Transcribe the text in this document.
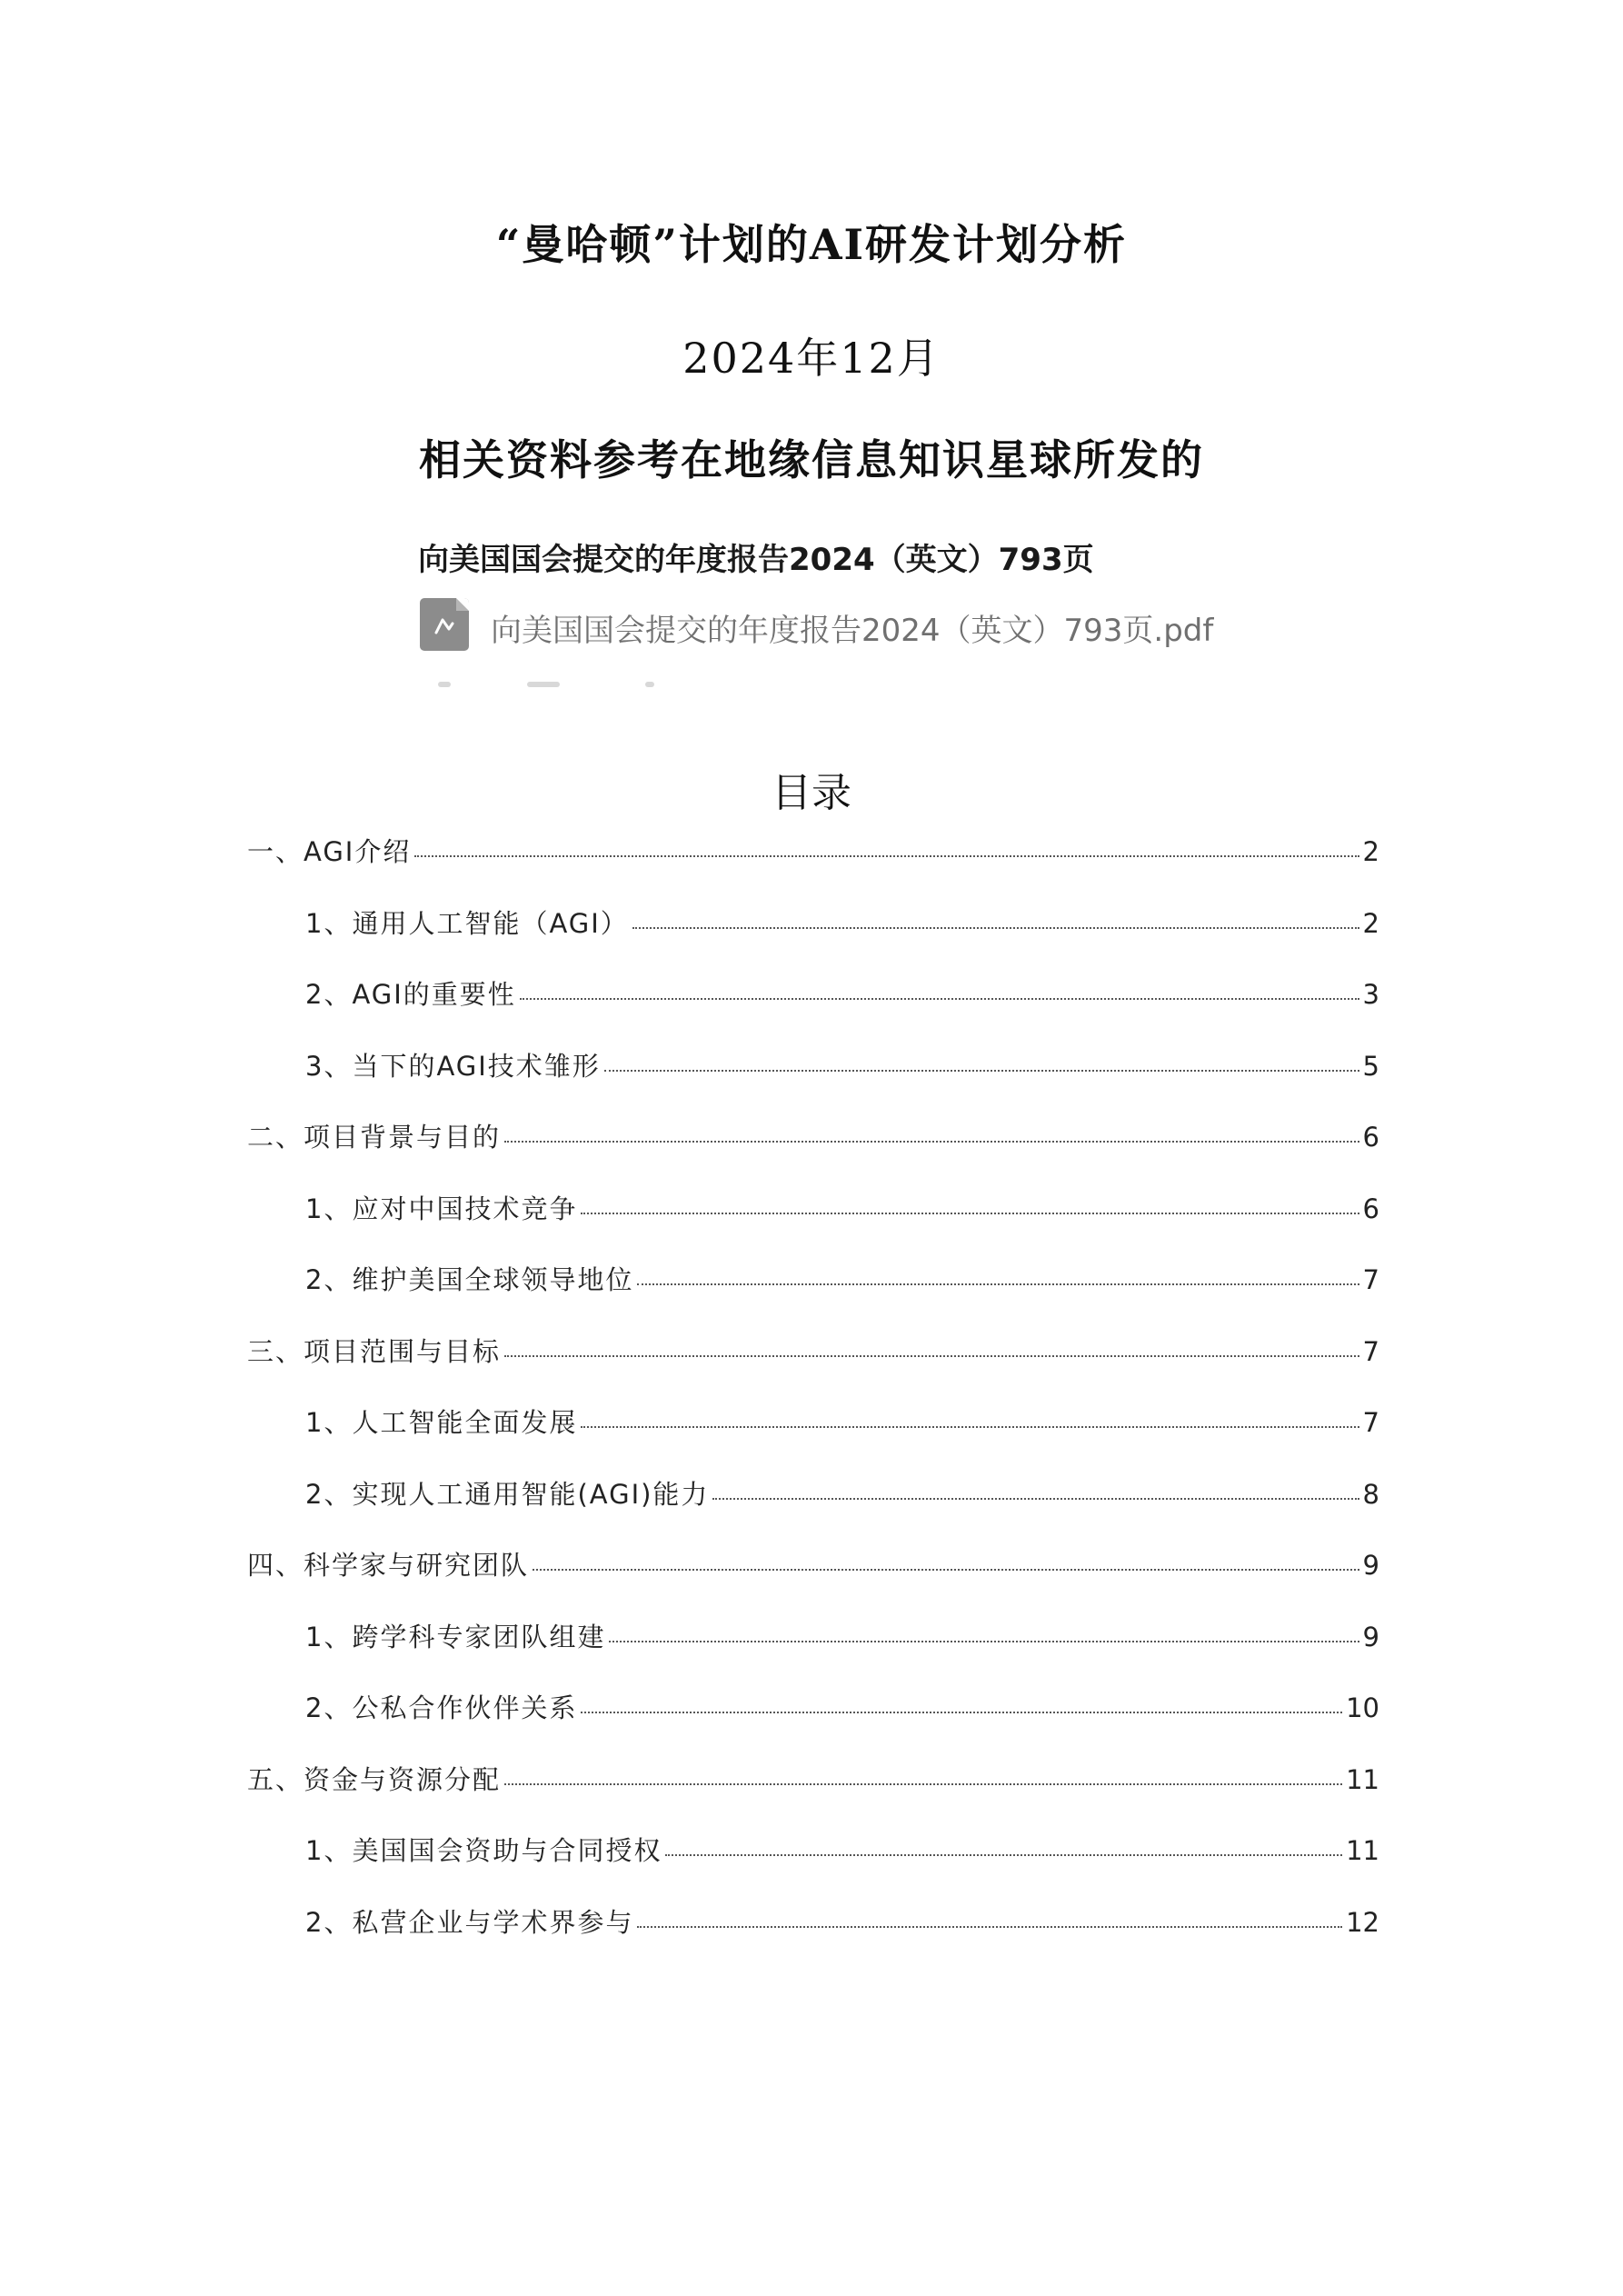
“曼哈顿”计划的AI研发计划分析
2024年12月
相关资料参考在地缘信息知识星球所发的
​
向美国国会提交的年度报告2024（英文）793页
向美国国会提交的年度报告2024（英文）793页.pdf
目录
一、AGI介绍	2
1、通用人工智能（AGI）	2
2、AGI的重要性	3
3、当下的AGI技术雏形	5
二、项目背景与目的	6
1、应对中国技术竞争	6
2、维护美国全球领导地位	7
三、项目范围与目标	7
1、人工智能全面发展	7
2、实现人工通用智能(AGI)能力	8
四、科学家与研究团队	9
1、跨学科专家团队组建	9
2、公私合作伙伴关系	10
五、资金与资源分配	11
1、美国国会资助与合同授权	11
2、私营企业与学术界参与	12
